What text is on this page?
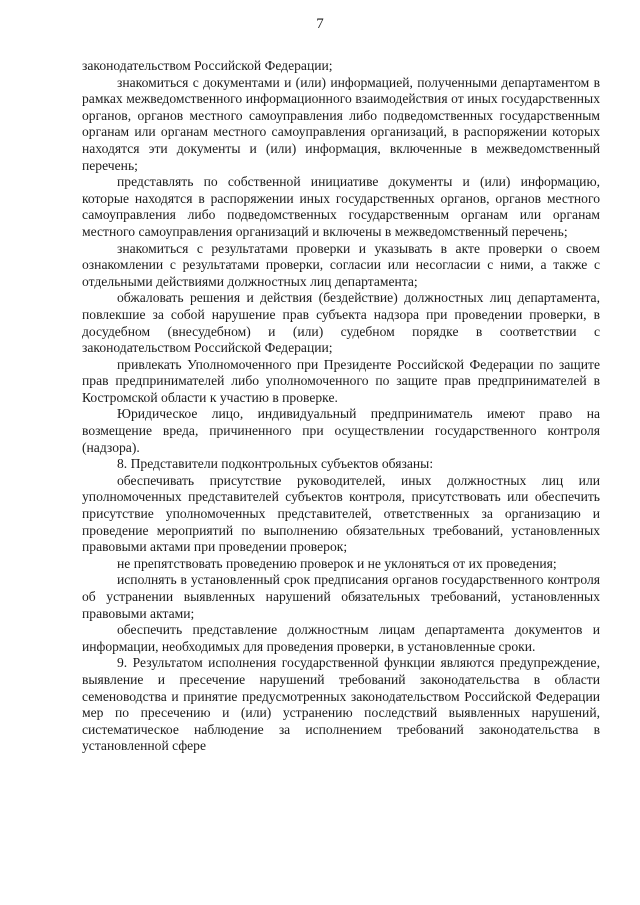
7

законодательством Российской Федерации;

знакомиться с документами и (или) информацией, полученными департаментом в рамках межведомственного информационного взаимодействия от иных государственных органов, органов местного самоуправления либо подведомственных государственным органам или органам местного самоуправления организаций, в распоряжении которых находятся эти документы и (или) информация, включенные в межведомственный перечень;

представлять по собственной инициативе документы и (или) информацию, которые находятся в распоряжении иных государственных органов, органов местного самоуправления либо подведомственных государственным органам или органам местного самоуправления организаций и включены в межведомственный перечень;

знакомиться с результатами проверки и указывать в акте проверки о своем ознакомлении с результатами проверки, согласии или несогласии с ними, а также с отдельными действиями должностных лиц департамента;

обжаловать решения и действия (бездействие) должностных лиц департамента, повлекшие за собой нарушение прав субъекта надзора при проведении проверки, в досудебном (внесудебном) и (или) судебном порядке в соответствии с законодательством Российской Федерации;

привлекать Уполномоченного при Президенте Российской Федерации по защите прав предпринимателей либо уполномоченного по защите прав предпринимателей в Костромской области к участию в проверке.

Юридическое лицо, индивидуальный предприниматель имеют право на возмещение вреда, причиненного при осуществлении государственного контроля (надзора).

8. Представители подконтрольных субъектов обязаны:

обеспечивать присутствие руководителей, иных должностных лиц или уполномоченных представителей субъектов контроля, присутствовать или обеспечить присутствие уполномоченных представителей, ответственных за организацию и проведение мероприятий по выполнению обязательных требований, установленных правовыми актами при проведении проверок;

не препятствовать проведению проверок и не уклоняться от их проведения;

исполнять в установленный срок предписания органов государственного контроля об устранении выявленных нарушений обязательных требований, установленных правовыми актами;

обеспечить представление должностным лицам департамента документов и информации, необходимых для проведения проверки, в установленные сроки.

9. Результатом исполнения государственной функции являются предупреждение, выявление и пресечение нарушений требований законодательства в области семеноводства и принятие предусмотренных законодательством Российской Федерации мер по пресечению и (или) устранению последствий выявленных нарушений, систематическое наблюдение за исполнением требований законодательства в установленной сфере
